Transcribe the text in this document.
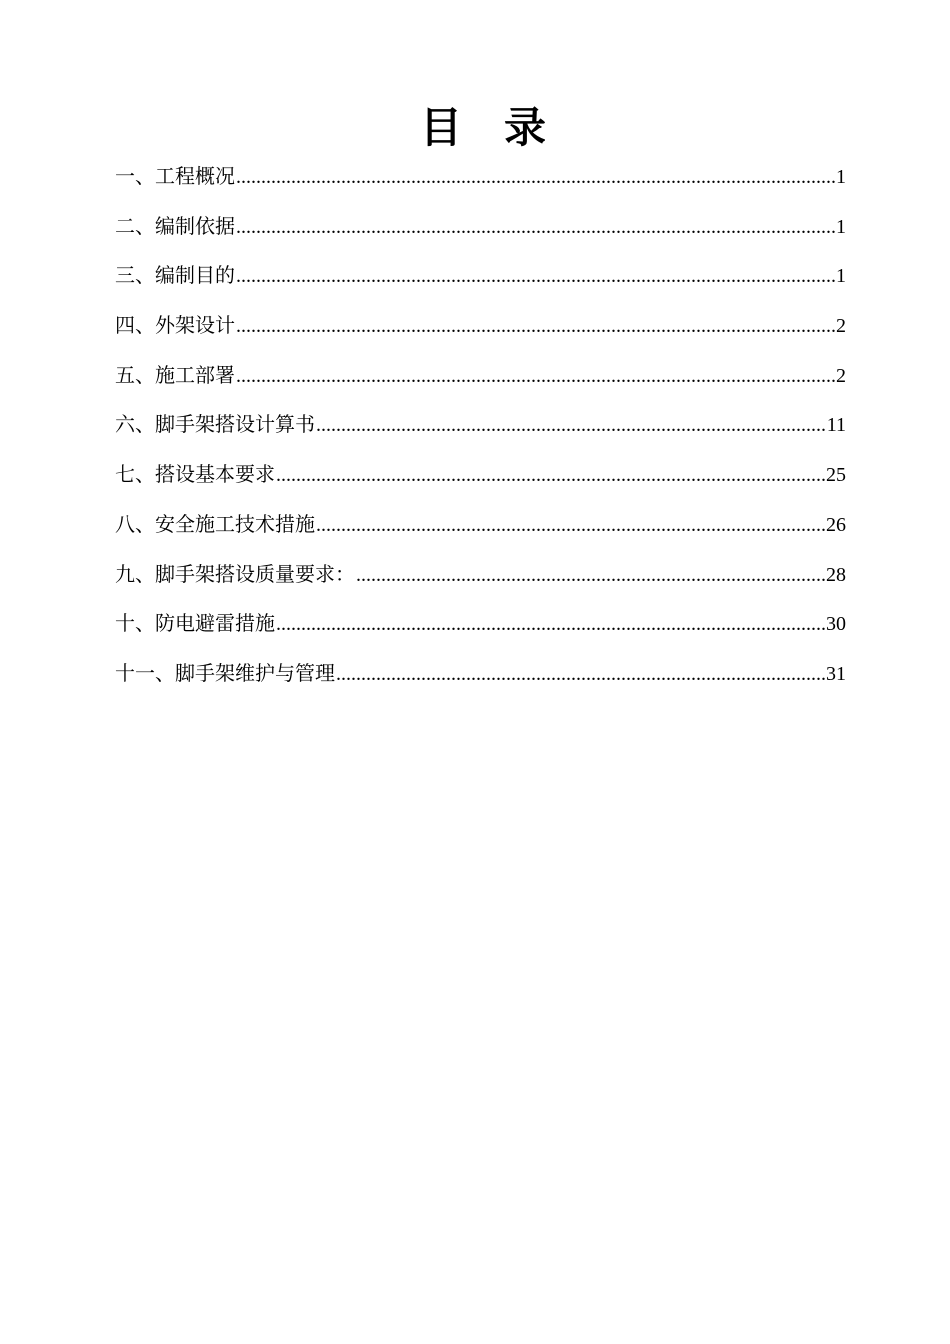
目 录
一、工程概况 .....	1
二、编制依据 .....	1
三、编制目的 .....	1
四、外架设计 .....	2
五、施工部署 .....	2
六、脚手架搭设计算书 .....	11
七、搭设基本要求 .....	25
八、安全施工技术措施 .....	26
九、脚手架搭设质量要求： .....	28
十、防电避雷措施 .....	30
十一、脚手架维护与管理 .....	31
